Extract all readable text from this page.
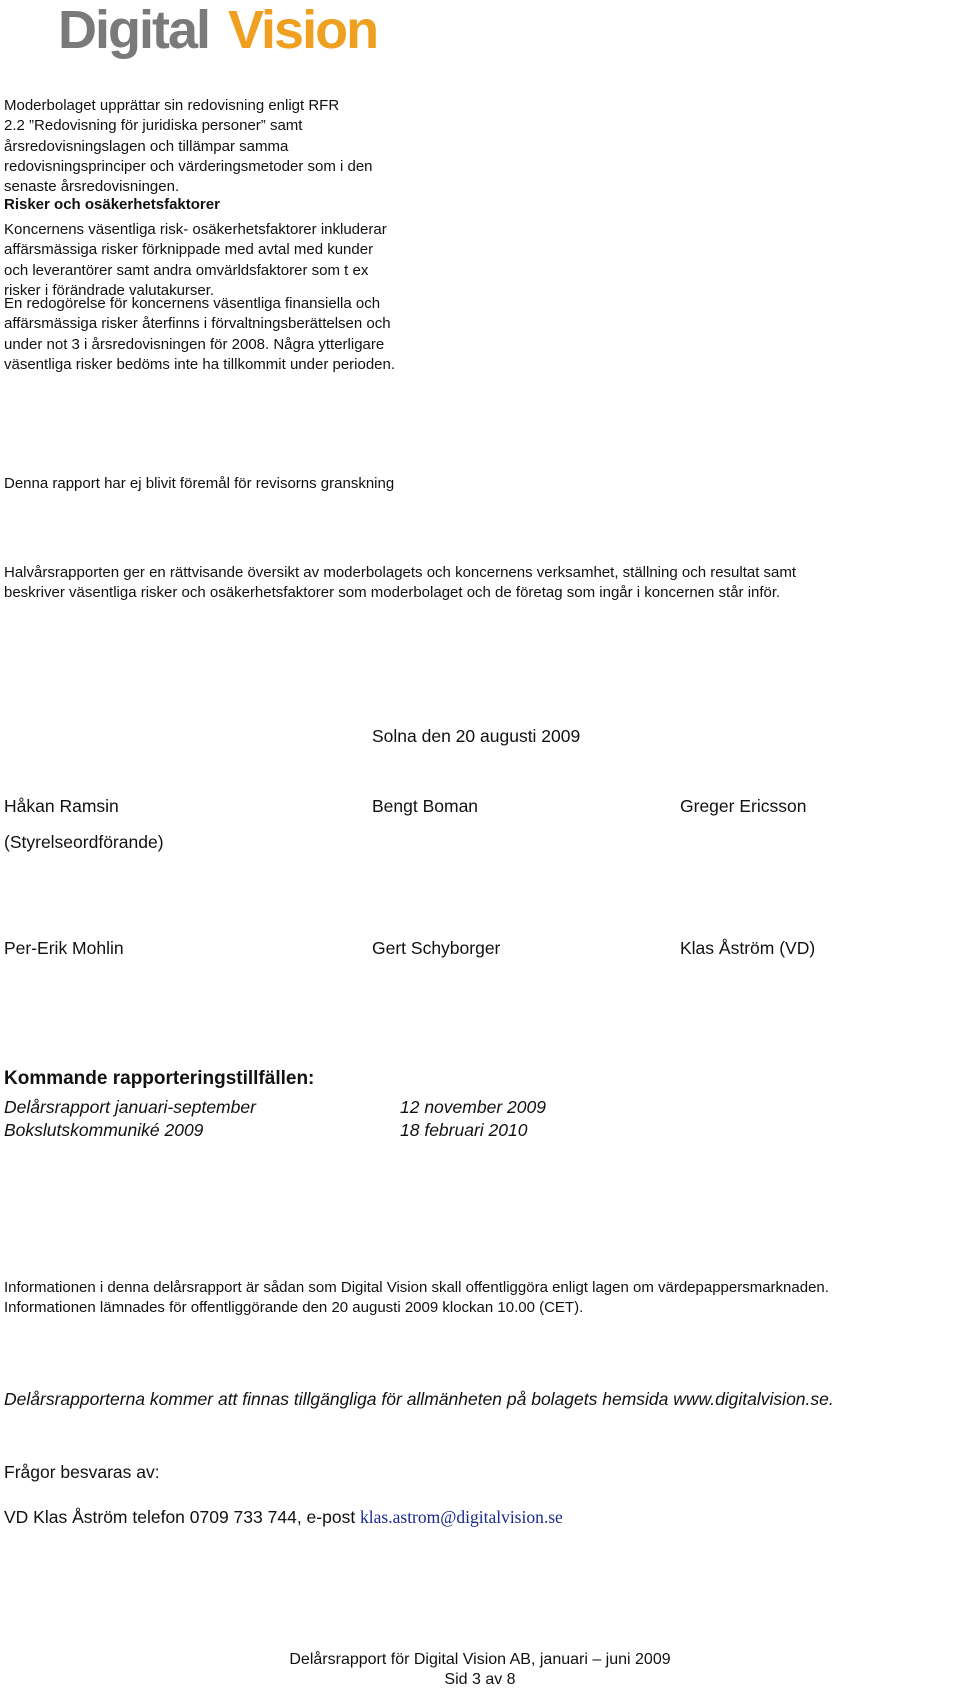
Digital Vision
Moderbolaget upprättar sin redovisning enligt RFR
2.2 ”Redovisning för juridiska personer” samt
årsredovisningslagen och tillämpar samma
redovisningsprinciper och värderingsmetoder som i den
senaste årsredovisningen.
Risker och osäkerhetsfaktorer
Koncernens väsentliga risk- osäkerhetsfaktorer inkluderar
affärsmässiga risker förknippade med avtal med kunder
och leverantörer samt andra omvärldsfaktorer som t ex
risker i förändrade valutakurser.
En redogörelse för koncernens väsentliga finansiella och
affärsmässiga risker återfinns i förvaltningsberättelsen och
under not 3 i årsredovisningen för 2008. Några ytterligare
väsentliga risker bedöms inte ha tillkommit under perioden.
Denna rapport har ej blivit föremål för revisorns granskning
Halvårsrapporten ger en rättvisande översikt av moderbolagets och koncernens verksamhet, ställning och resultat samt
beskriver väsentliga risker och osäkerhetsfaktorer som moderbolaget och de företag som ingår i koncernen står inför.
Solna den 20 augusti 2009
Håkan Ramsin	Bengt Boman	Greger Ericsson
(Styrelseordförande)
Per-Erik Mohlin	Gert Schyborger	Klas Åström (VD)
Kommande rapporteringstillfällen:
Delårsrapport januari-september	12 november 2009
Bokslutskommuniké 2009	18 februari 2010
Informationen i denna delårsrapport är sådan som Digital Vision skall offentliggöra enligt lagen om värdepappersmarknaden.
Informationen lämnades för offentliggörande den 20 augusti 2009 klockan 10.00 (CET).
Delårsrapporterna kommer att finnas tillgängliga för allmänheten på bolagets hemsida www.digitalvision.se.
Frågor besvaras av:
VD Klas Åström telefon 0709 733 744, e-post klas.astrom@digitalvision.se
Delårsrapport för Digital Vision AB, januari – juni 2009
Sid 3 av 8
